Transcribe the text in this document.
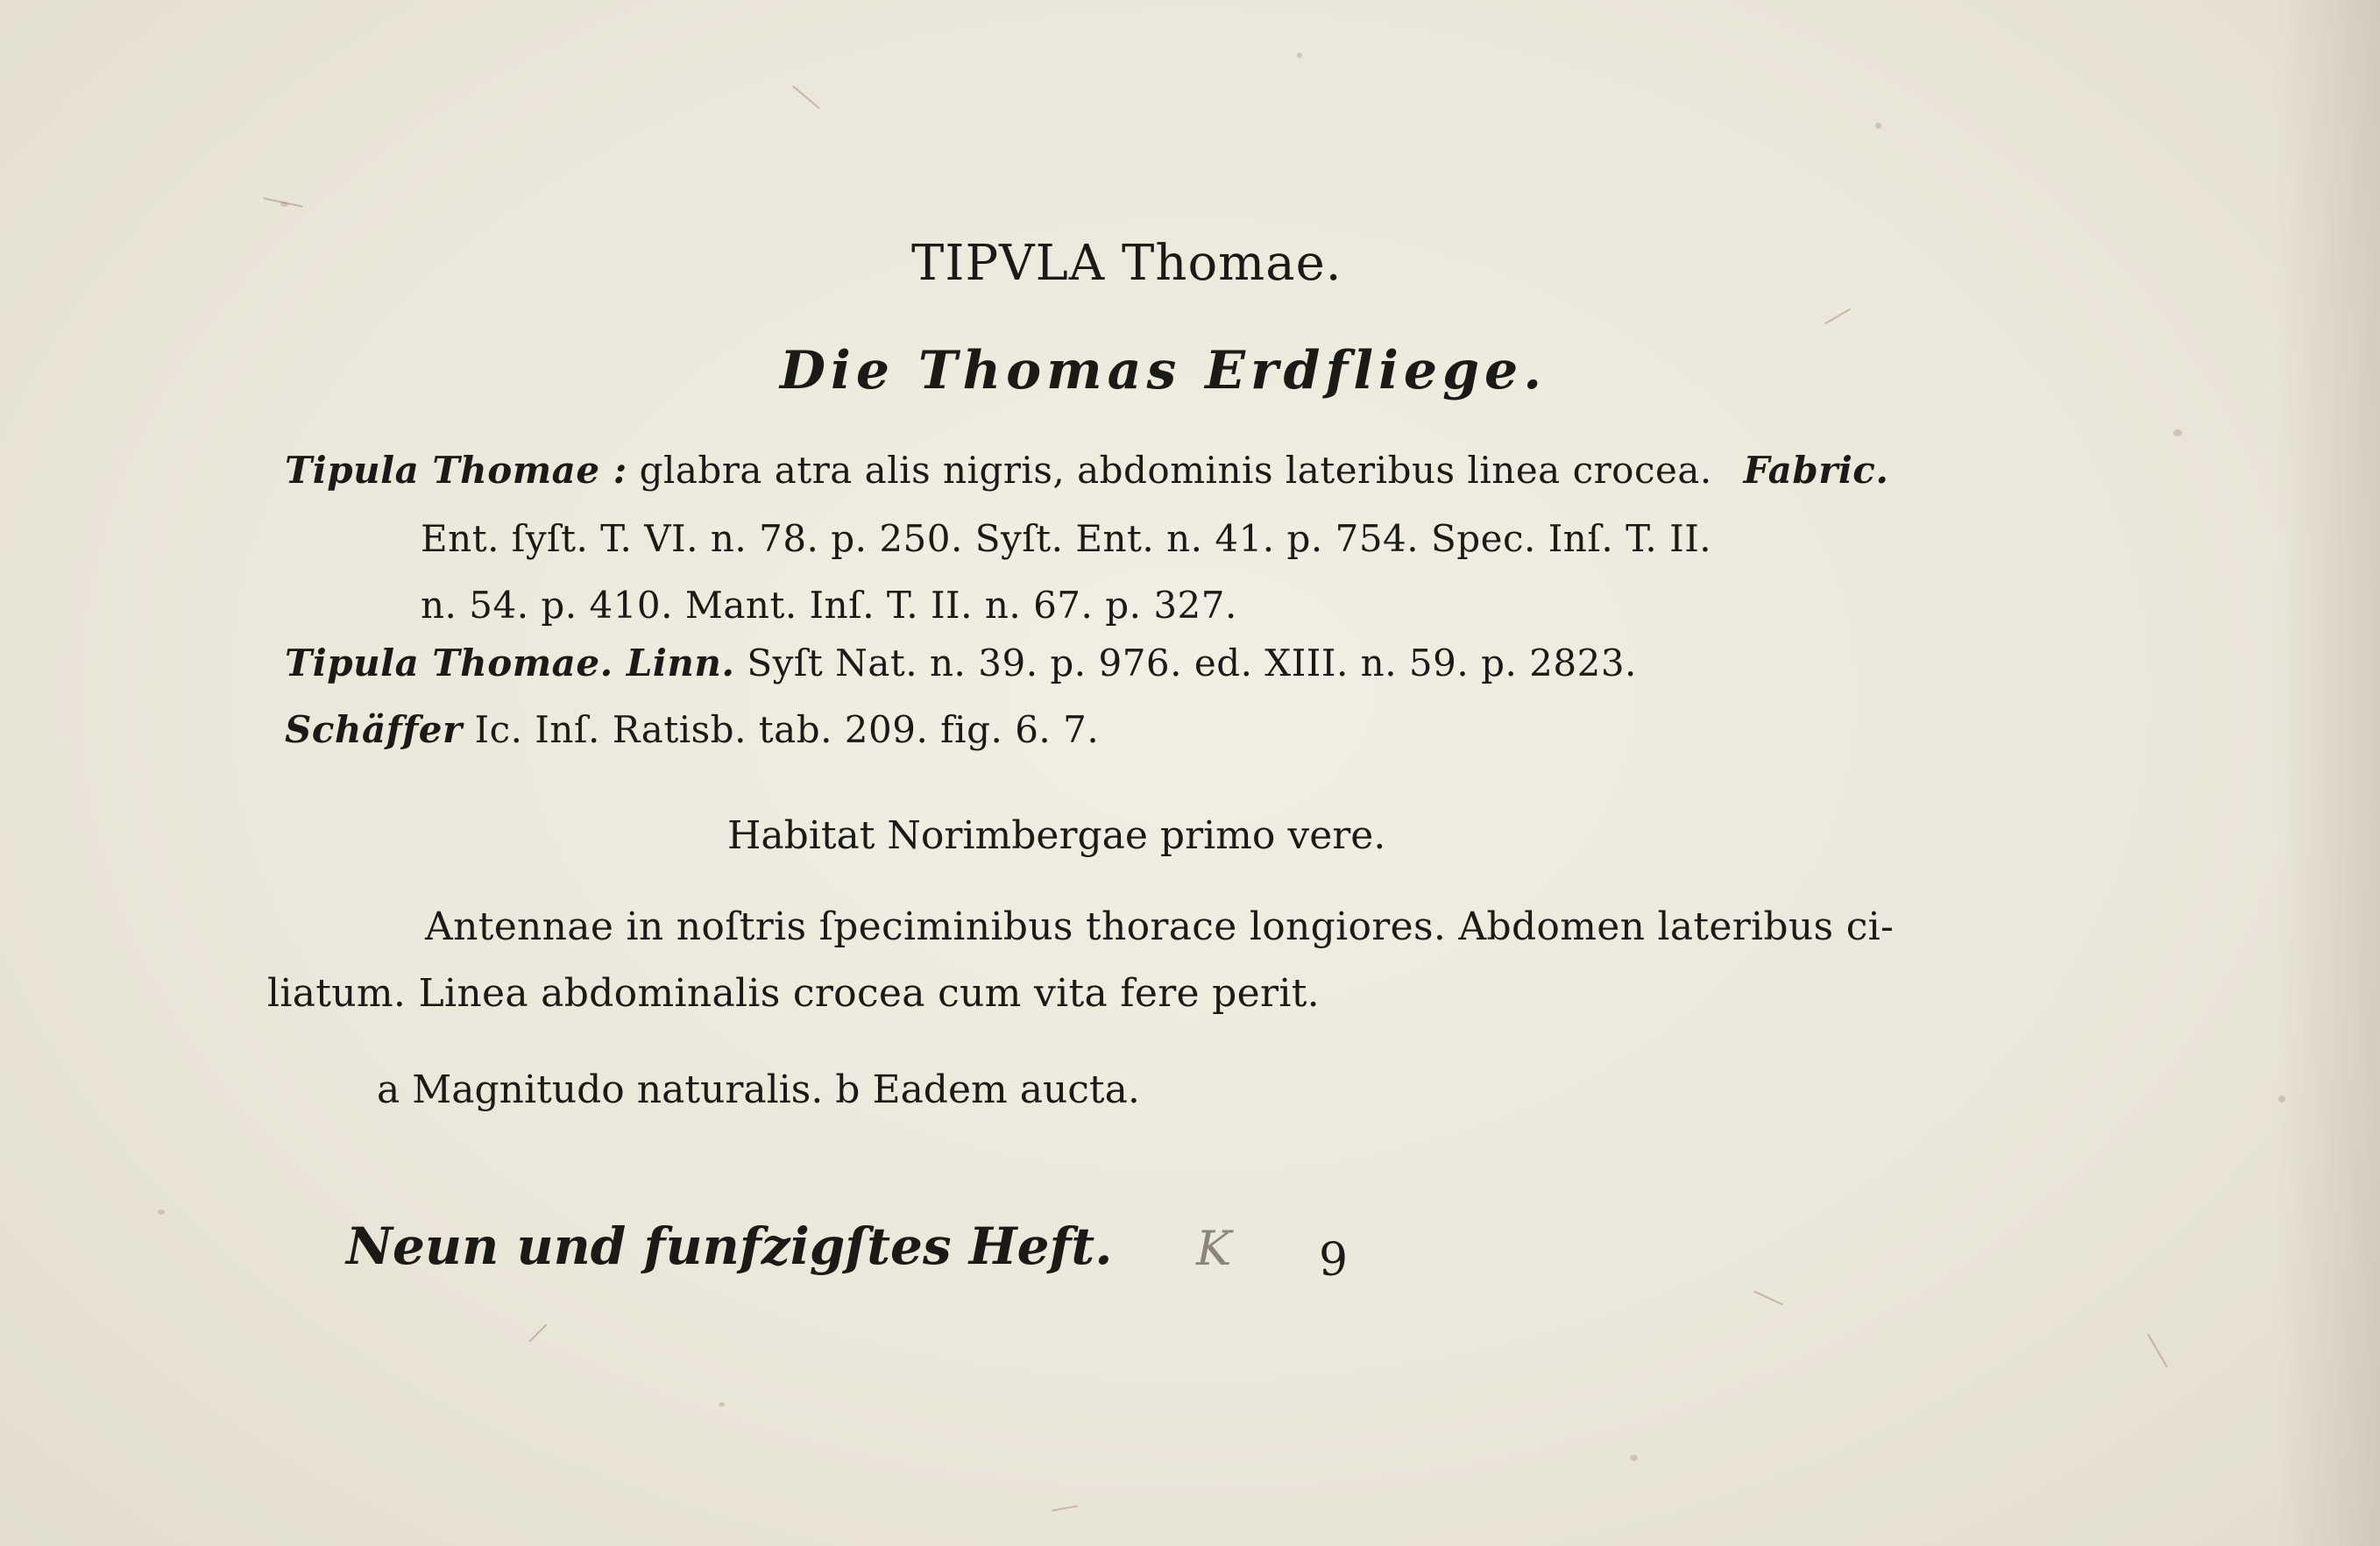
TIPVLA Thomae.
Die Thomas Erdfliege.
Tipula Thomae : glabra atra alis nigris, abdominis lateribus linea crocea. Fabric.
Ent. ſyſt. T. VI. n. 78. p. 250. Syſt. Ent. n. 41. p. 754. Spec. Inſ. T. II.
n. 54. p. 410. Mant. Inſ. T. II. n. 67. p. 327.
Tipula Thomae. Linn. Syſt Nat. n. 39. p. 976. ed. XIII. n. 59. p. 2823.
Schäffer Ic. Inſ. Ratisb. tab. 209. fig. 6. 7.
Habitat Norimbergae primo vere.
Antennae in noſtris ſpeciminibus thorace longiores. Abdomen lateribus ci-
liatum. Linea abdominalis crocea cum vita fere perit.
a Magnitudo naturalis. b Eadem aucta.
Neun und funfzigſtes Heft. K 9
